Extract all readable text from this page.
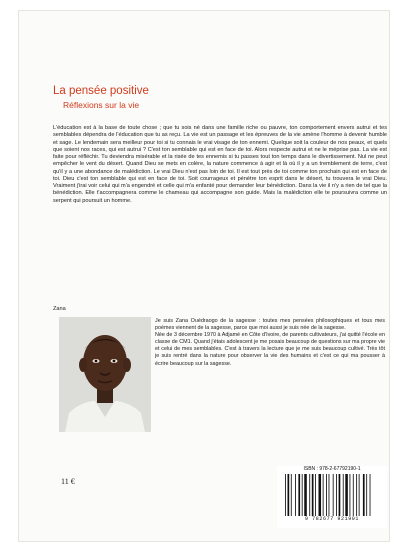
La pensée positive
Réflexions sur la vie

L'éducation est à la base de toute chose ; que tu sois né dans une famille riche ou pauvre, ton comportement envers autrui et tes semblables dépendra de l'éducation que tu as reçu. La vie est un passage et les épreuves de la vie amène l'homme à devenir humble et sage. Le lendemain sera meilleur pour toi si tu connais le vrai visage de ton ennemi. Quelque soit la couleur de nos peaux, et quels que soient nos races, qui est autrui ? C'est ton semblable qui est en face de toi. Alors respecte autrui et ne le méprise pas. La vie est faite pour réfléchir. Tu deviendra misérable et la risée de tes ennemis si tu passes tout ton temps dans le divertissement. Nul ne peut empêcher le vent du désert. Quand Dieu se mets en colère, la nature commence à agir et là où il y a un tremblement de terre, c'est qu'il y a une abondance de malédiction. Le vrai Dieu n'est pas loin de toi. Il est tout près de toi comme ton prochain qui est en face de toi. Dieu c'est ton semblable qui est en face de toi. Soit courrageux et pénètre ton esprit dans le désert, tu trouvera le vrai Dieu. Vraiment j'irai voir celui qui m'a engendré et celle qui m'a enfanté pour demander leur bénédiction. Dans la vie il n'y a rien de tel que la bénédiction. Elle t'accompagnera comme le chameau qui accompagne son guide. Mais la malédiction elle te poursuivra comme un serpent qui poursuit un homme.

Zana

Je suis Zana Ouédraogo de la sagesse : toutes mes pensées philosophiques et tous mes poèmes viennent de la sagesse, parce que moi aussi je suis née de la sagesse.

Née de 3 décembre 1970 à Adjamé en Côte d'Ivoire, de parents cultivateurs, j'ai quitté l'école en classe de CM1. Quand j'étais adolescent je me posais beaucoup de questions sur ma propre vie et celui de mes semblables. C'est à travers la lecture que je me suis beaucoup cultivé. Très tôt je suis rentré dans la nature pour observer la vie des humains et c'est ce qui ma pousser à écrire beaucoup sur la sagesse.

11 €
ISBN : 978-2-67792190-1
9 782677 921901
